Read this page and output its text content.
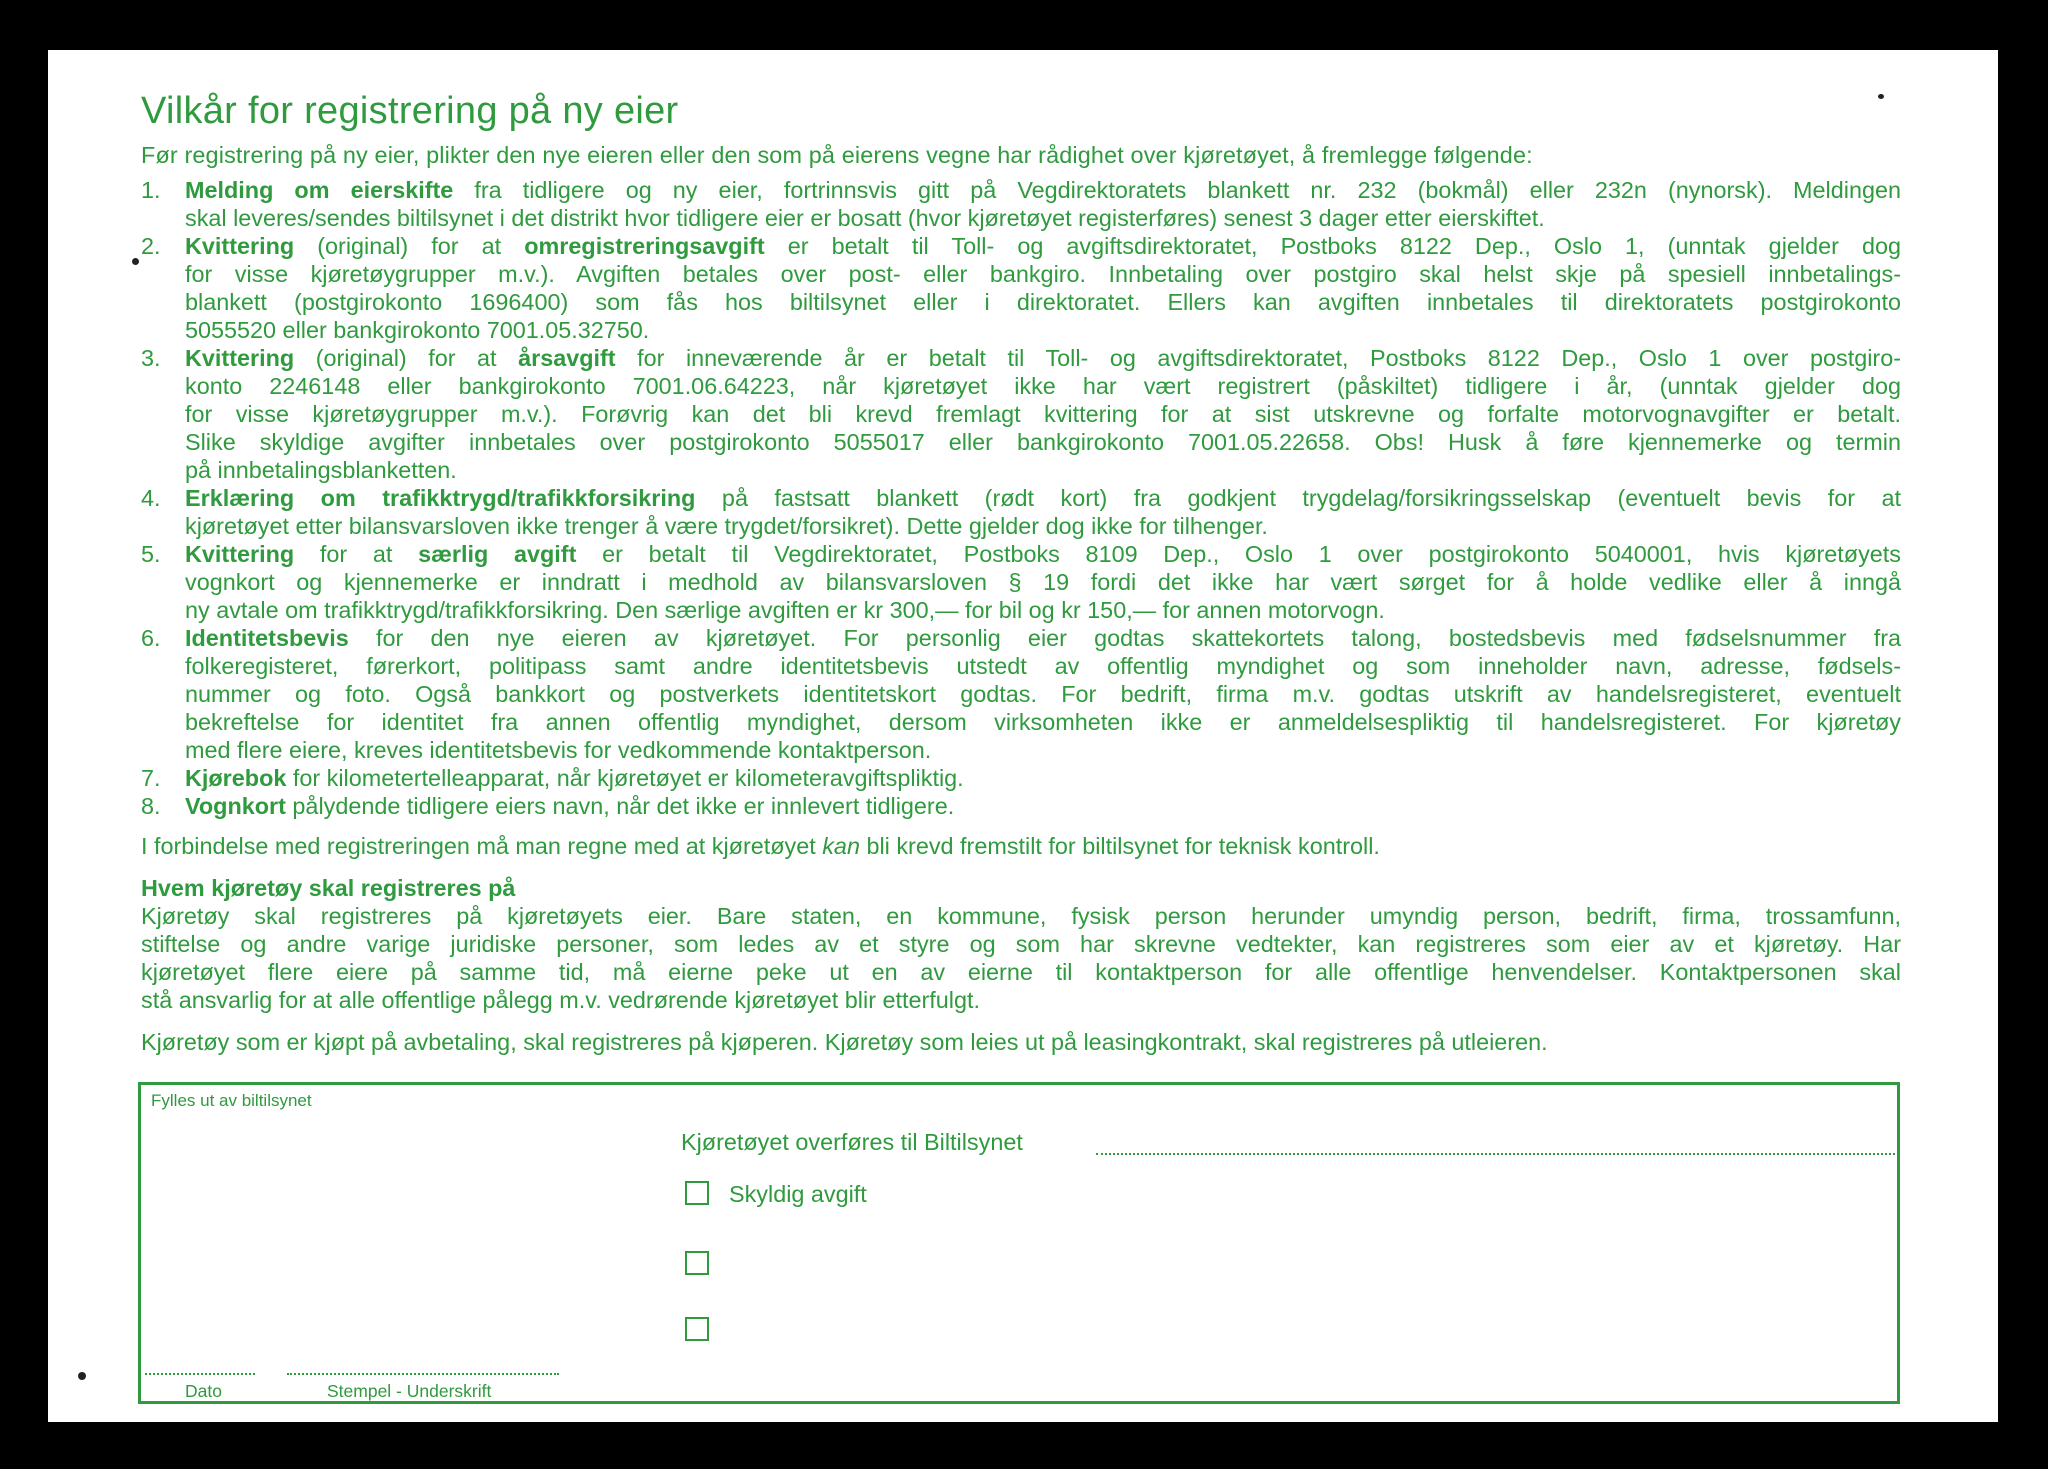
Vilkår for registrering på ny eier
Før registrering på ny eier, plikter den nye eieren eller den som på eierens vegne har rådighet over kjøretøyet, å fremlegge følgende:
1.	Melding om eierskifte fra tidligere og ny eier, fortrinnsvis gitt på Vegdirektoratets blankett nr. 232 (bokmål) eller 232n (nynorsk). Meldingen
skal leveres/sendes biltilsynet i det distrikt hvor tidligere eier er bosatt (hvor kjøretøyet registerføres) senest 3 dager etter eierskiftet.
2.	Kvittering (original) for at omregistreringsavgift er betalt til Toll- og avgiftsdirektoratet, Postboks 8122 Dep., Oslo 1, (unntak gjelder dog
for visse kjøretøygrupper m.v.). Avgiften betales over post- eller bankgiro. Innbetaling over postgiro skal helst skje på spesiell innbetalings-
blankett (postgirokonto 1696400) som fås hos biltilsynet eller i direktoratet. Ellers kan avgiften innbetales til direktoratets postgirokonto
5055520 eller bankgirokonto 7001.05.32750.
3.	Kvittering (original) for at årsavgift for inneværende år er betalt til Toll- og avgiftsdirektoratet, Postboks 8122 Dep., Oslo 1 over postgiro-
konto 2246148 eller bankgirokonto 7001.06.64223, når kjøretøyet ikke har vært registrert (påskiltet) tidligere i år, (unntak gjelder dog
for visse kjøretøygrupper m.v.). Forøvrig kan det bli krevd fremlagt kvittering for at sist utskrevne og forfalte motorvognavgifter er betalt.
Slike skyldige avgifter innbetales over postgirokonto 5055017 eller bankgirokonto 7001.05.22658. Obs! Husk å føre kjennemerke og termin
på innbetalingsblanketten.
4.	Erklæring om trafikktrygd/trafikkforsikring på fastsatt blankett (rødt kort) fra godkjent trygdelag/forsikringsselskap (eventuelt bevis for at
kjøretøyet etter bilansvarsloven ikke trenger å være trygdet/forsikret). Dette gjelder dog ikke for tilhenger.
5.	Kvittering for at særlig avgift er betalt til Vegdirektoratet, Postboks 8109 Dep., Oslo 1 over postgirokonto 5040001, hvis kjøretøyets
vognkort og kjennemerke er inndratt i medhold av bilansvarsloven § 19 fordi det ikke har vært sørget for å holde vedlike eller å inngå
ny avtale om trafikktrygd/trafikkforsikring. Den særlige avgiften er kr 300,— for bil og kr 150,— for annen motorvogn.
6.	Identitetsbevis for den nye eieren av kjøretøyet. For personlig eier godtas skattekortets talong, bostedsbevis med fødselsnummer fra
folkeregisteret, førerkort, politipass samt andre identitetsbevis utstedt av offentlig myndighet og som inneholder navn, adresse, fødsels-
nummer og foto. Også bankkort og postverkets identitetskort godtas. For bedrift, firma m.v. godtas utskrift av handelsregisteret, eventuelt
bekreftelse for identitet fra annen offentlig myndighet, dersom virksomheten ikke er anmeldelsespliktig til handelsregisteret. For kjøretøy
med flere eiere, kreves identitetsbevis for vedkommende kontaktperson.
7.	Kjørebok for kilometertelleapparat, når kjøretøyet er kilometeravgiftspliktig.
8.	Vognkort pålydende tidligere eiers navn, når det ikke er innlevert tidligere.
I forbindelse med registreringen må man regne med at kjøretøyet kan bli krevd fremstilt for biltilsynet for teknisk kontroll.
Hvem kjøretøy skal registreres på
Kjøretøy skal registreres på kjøretøyets eier. Bare staten, en kommune, fysisk person herunder umyndig person, bedrift, firma, trossamfunn,
stiftelse og andre varige juridiske personer, som ledes av et styre og som har skrevne vedtekter, kan registreres som eier av et kjøretøy. Har
kjøretøyet flere eiere på samme tid, må eierne peke ut en av eierne til kontaktperson for alle offentlige henvendelser. Kontaktpersonen skal
stå ansvarlig for at alle offentlige pålegg m.v. vedrørende kjøretøyet blir etterfulgt.
Kjøretøy som er kjøpt på avbetaling, skal registreres på kjøperen. Kjøretøy som leies ut på leasingkontrakt, skal registreres på utleieren.
Fylles ut av biltilsynet
Kjøretøyet overføres til Biltilsynet
Skyldig avgift
Dato	Stempel - Underskrift
